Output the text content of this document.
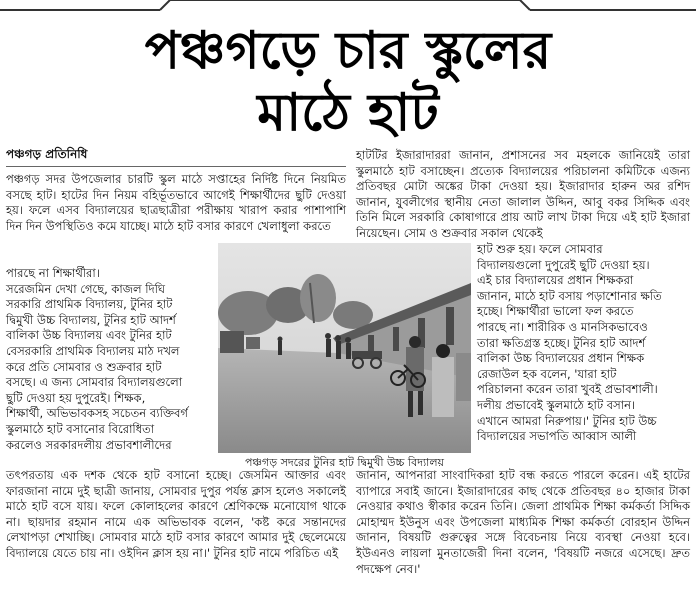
পঞ্চগড়ে চার স্কুলের
মাঠে হাট
পঞ্চগড় প্রতিনিধি

পঞ্চগড় সদর উপজেলার চারটি স্কুল মাঠে সপ্তাহের নির্দিষ্ট দিনে নিয়মিত বসছে হাট। হাটের দিন নিয়ম বহির্ভূতভাবে আগেই শিক্ষার্থীদের ছুটি দেওয়া হয়। ফলে এসব বিদ্যালয়ের ছাত্রছাত্রীরা পরীক্ষায় খারাপ করার পাশাপাশি দিন দিন উপস্থিতিও কমে যাচ্ছে। মাঠে হাট বসার কারণে খেলাধুলা করতে

পারছে না শিক্ষার্থীরা।

সরেজমিন দেখা গেছে, কাজল দিঘি

সরকারি প্রাথমিক বিদ্যালয়, টুনির হাট

দ্বিমুখী উচ্চ বিদ্যালয়, টুনির হাট আদর্শ

বালিকা উচ্চ বিদ্যালয় এবং টুনির হাট

বেসরকারি প্রাথমিক বিদ্যালয় মাঠ দখল

করে প্রতি সোমবার ও শুক্রবার হাট

বসছে। এ জন্য সোমবার বিদ্যালয়গুলো

ছুটি দেওয়া হয় দুপুরেই। শিক্ষক,

শিক্ষার্থী, অভিভাবকসহ সচেতন ব্যক্তিবর্গ

স্কুলমাঠে হাট বসানোর বিরোধিতা

করলেও সরকারদলীয় প্রভাবশালীদের

হাটটির ইজারাদাররা জানান, প্রশাসনের সব মহলকে জানিয়েই তারা স্কুলমাঠে হাট বসাচ্ছেন। প্রত্যেক বিদ্যালয়ের পরিচালনা কমিটিকে এজন্য প্রতিবছর মোটা অঙ্কের টাকা দেওয়া হয়। ইজারাদার হারুন অর রশিদ জানান, যুবলীগের স্থানীয় নেতা জালাল উদ্দিন, আবু বকর সিদ্দিক এবং তিনি মিলে সরকারি কোষাগারে প্রায় আট লাখ টাকা দিয়ে এই হাট ইজারা নিয়েছেন। সোম ও শুক্রবার সকাল থেকেই

হাট শুরু হয়। ফলে সোমবার

বিদ্যালয়গুলো দুপুরেই ছুটি দেওয়া হয়।

এই চার বিদ্যালয়ের প্রধান শিক্ষকরা

জানান, মাঠে হাট বসায় পড়াশোনার ক্ষতি

হচ্ছে। শিক্ষার্থীরা ভালো ফল করতে

পারছে না। শারীরিক ও মানসিকভাবেও

তারা ক্ষতিগ্রস্ত হচ্ছে। টুনির হাট আদর্শ

বালিকা উচ্চ বিদ্যালয়ের প্রধান শিক্ষক

রেজাউল হক বলেন, 'যারা হাট

পরিচালনা করেন তারা খুবই প্রভাবশালী।

দলীয় প্রভাবেই স্কুলমাঠে হাট বসান।

এখানে আমরা নিরুপায়।' টুনির হাট উচ্চ

বিদ্যালয়ের সভাপতি আব্বাস আলী

পঞ্চগড় সদরের টুনির হাট দ্বিমুখী উচ্চ বিদ্যালয়

তৎপরতায় এক দশক থেকে হাট বসানো হচ্ছে। জেসমিন আক্তার এবং ফারজানা নামে দুই ছাত্রী জানায়, সোমবার দুপুর পর্যন্ত ক্লাস হলেও সকালেই মাঠে হাট বসে যায়। ফলে কোলাহলের কারণে শ্রেণিকক্ষে মনোযোগ থাকে না। ছায়দার রহমান নামে এক অভিভাবক বলেন, 'কষ্ট করে সন্তানদের লেখাপড়া শেখাচ্ছি। সোমবার মাঠে হাট বসার কারণে আমার দুই ছেলেমেয়ে বিদ্যালয়ে যেতে চায় না। ওইদিন ক্লাস হয় না।' টুনির হাট নামে পরিচিত এই

জানান, আপনারা সাংবাদিকরা হাট বন্ধ করতে পারলে করেন। এই হাটের ব্যাপারে সবাই জানে। ইজারাদারের কাছ থেকে প্রতিবছর ৪০ হাজার টাকা নেওয়ার কথাও স্বীকার করেন তিনি। জেলা প্রাথমিক শিক্ষা কর্মকর্তা সিদ্দিক মোহাম্মদ ইউনুস এবং উপজেলা মাধ্যমিক শিক্ষা কর্মকর্তা বোরহান উদ্দিন জানান, বিষয়টি গুরুত্বের সঙ্গে বিবেচনায় নিয়ে ব্যবস্থা নেওয়া হবে। ইউএনও লায়লা মুনতাজেরী দিনা বলেন, 'বিষয়টি নজরে এসেছে। দ্রুত পদক্ষেপ নেব।'
